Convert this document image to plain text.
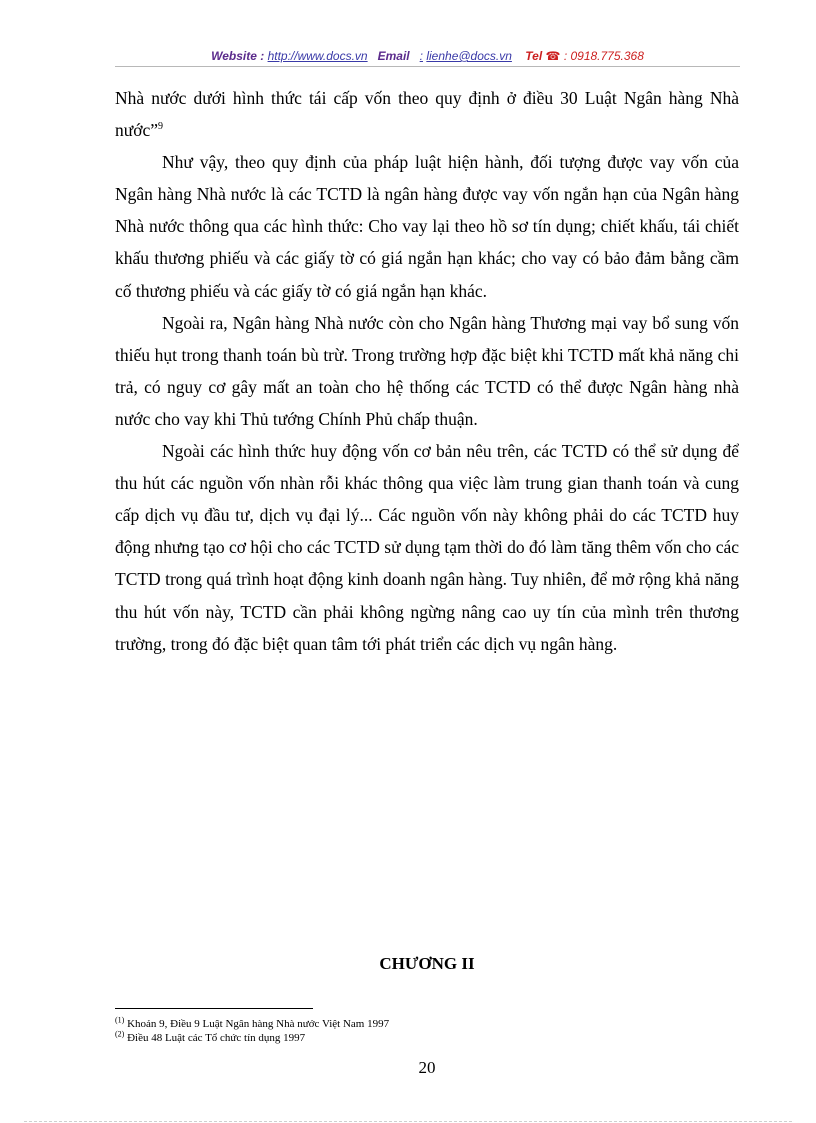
Website : http://www.docs.vn Email : lienhe@docs.vn Tel ☎ : 0918.775.368

Nhà nước dưới hình thức tái cấp vốn theo quy định ở điều 30 Luật Ngân hàng Nhà nước”$^9$

Như vậy, theo quy định của pháp luật hiện hành, đối tượng được vay vốn của Ngân hàng Nhà nước là các TCTD là ngân hàng được vay vốn ngắn hạn của Ngân hàng Nhà nước thông qua các hình thức: Cho vay lại theo hồ sơ tín dụng; chiết khấu, tái chiết khấu thương phiếu và các giấy tờ có giá ngắn hạn khác; cho vay có bảo đảm bằng cầm cố thương phiếu và các giấy tờ có giá ngắn hạn khác.

Ngoài ra, Ngân hàng Nhà nước còn cho Ngân hàng Thương mại vay bổ sung vốn thiếu hụt trong thanh toán bù trừ. Trong trường hợp đặc biệt khi TCTD mất khả năng chi trả, có nguy cơ gây mất an toàn cho hệ thống các TCTD có thể được Ngân hàng nhà nước cho vay khi Thủ tướng Chính Phủ chấp thuận.

Ngoài các hình thức huy động vốn cơ bản nêu trên, các TCTD có thể sử dụng để thu hút các nguồn vốn nhàn rỗi khác thông qua việc làm trung gian thanh toán và cung cấp dịch vụ đầu tư, dịch vụ đại lý... Các nguồn vốn này không phải do các TCTD huy động nhưng tạo cơ hội cho các TCTD sử dụng tạm thời do đó làm tăng thêm vốn cho các TCTD trong quá trình hoạt động kinh doanh ngân hàng. Tuy nhiên, để mở rộng khả năng thu hút vốn này, TCTD cần phải không ngừng nâng cao uy tín của mình trên thương trường, trong đó đặc biệt quan tâm tới phát triển các dịch vụ ngân hàng.

CHƯƠNG II
$^{(1)}$ Khoản 9, Điều 9 Luật Ngân hàng Nhà nước Việt Nam 1997
$^{(2)}$ Điều 48 Luật các Tổ chức tín dụng 1997
20
